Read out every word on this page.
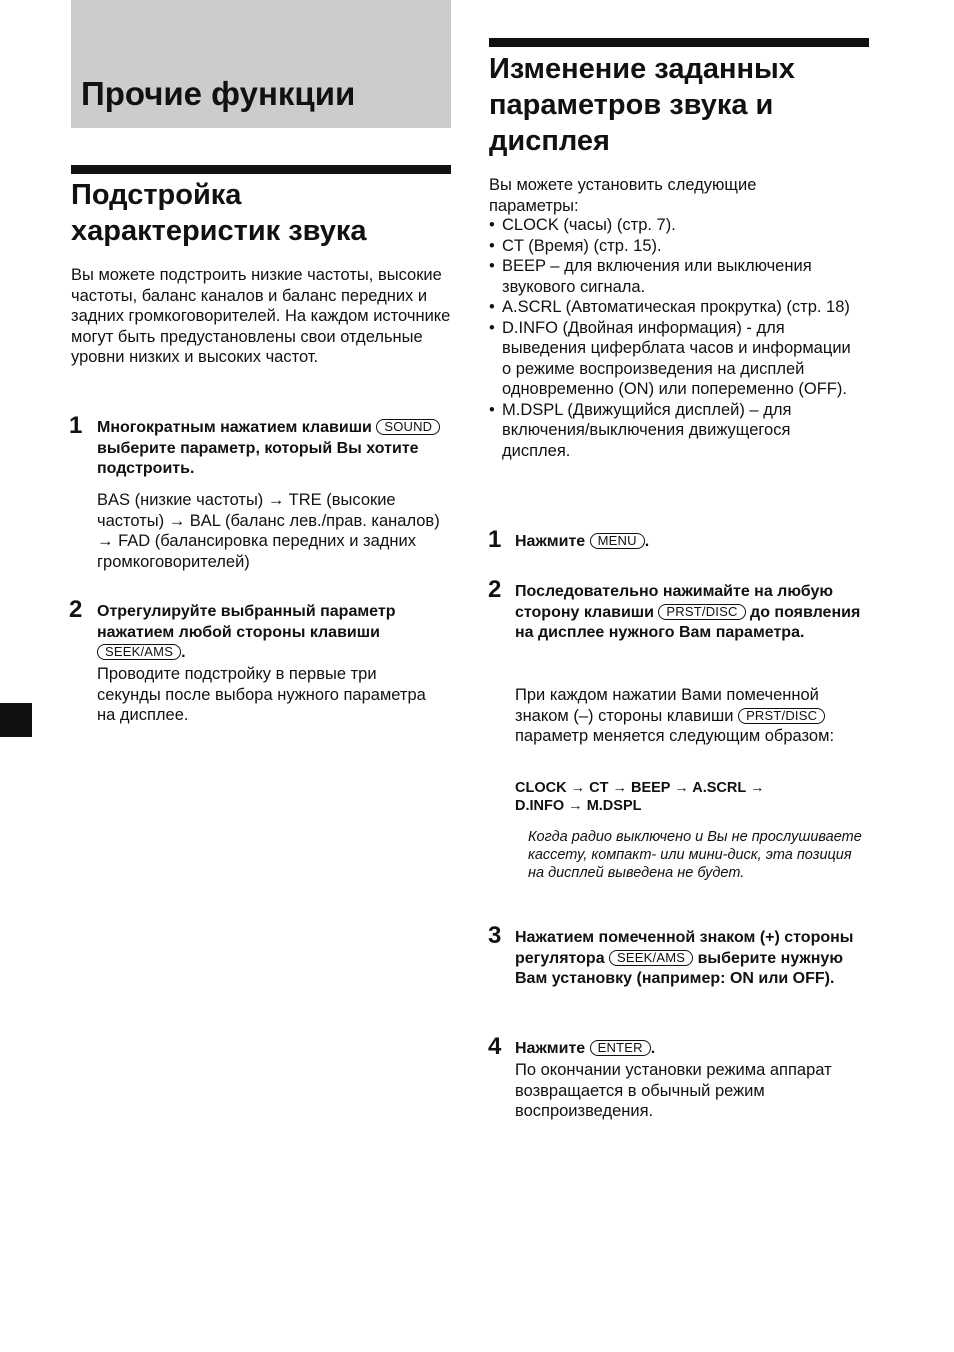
Прочие функции
Подстройка характеристик звука

Вы можете подстроить низкие частоты, высокие частоты, баланс каналов и баланс передних и задних громкоговорителей. На каждом источнике могут быть предустановлены свои отдельные уровни низких и высоких частот.

1 Многократным нажатием клавиши SOUND выберите параметр, который Вы хотите подстроить.

BAS (низкие частоты) → TRE (высокие частоты) → BAL (баланс лев./прав. каналов) → FAD (балансировка передних и задних громкоговорителей)

2 Отрегулируйте выбранный параметр нажатием любой стороны клавиши SEEK/AMS .

Проводите подстройку в первые три секунды после выбора нужного параметра на дисплее.

Изменение заданных параметров звука и дисплея

Вы можете установить следующие параметры:

• CLOCK (часы) (стр. 7).
• CT (Время) (стр. 15).
• BEEP – для включения или выключения звукового сигнала.
• A.SCRL (Автоматическая прокрутка) (стр. 18)
• D.INFO (Двойная информация) - для выведения циферблата часов и информации о режиме воспроизведения на дисплей одновременно (ON) или попеременно (OFF).
• M.DSPL (Движущийся дисплей) – для включения/выключения движущегося дисплея.
1 Нажмите MENU .

2 Последовательно нажимайте на любую сторону клавиши PRST/DISC до появления на дисплее нужного Вам параметра.

При каждом нажатии Вами помеченной знаком (–) стороны клавиши PRST/DISC параметр меняется следующим образом:

CLOCK → CT → BEEP → A.SCRL →

D.INFO → M.DSPL

Когда радио выключено и Вы не прослушиваете кассету, компакт- или мини-диск, эта позиция на дисплей выведена не будет.

3 Нажатием помеченной знаком (+) стороны регулятора SEEK/AMS выберите нужную Вам установку (например: ON или OFF).

4 Нажмите ENTER .

По окончании установки режима аппарат возвращается в обычный режим воспроизведения.
